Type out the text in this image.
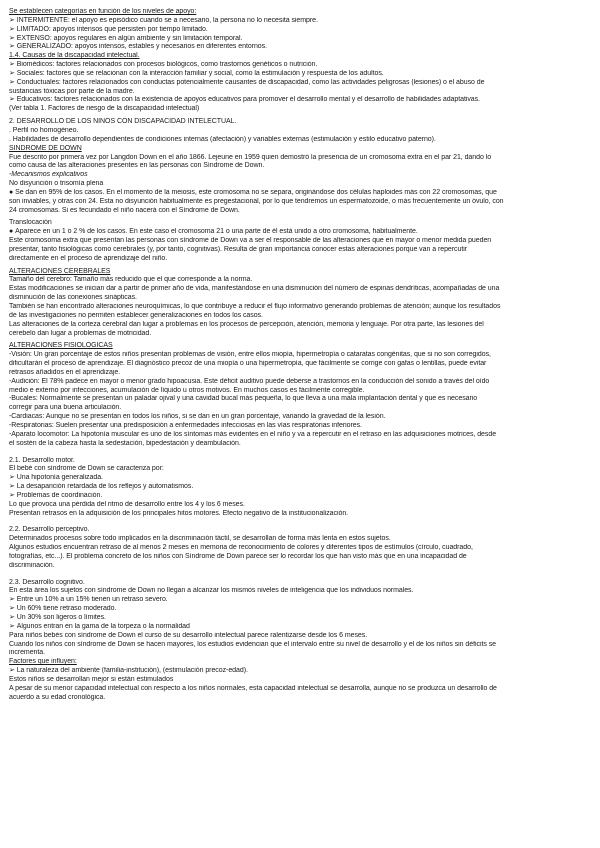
Se establecen categorías en función de los niveles de apoyo:
➢ INTERMITENTE: el apoyo es episódico cuando se a necesario, la persona no lo necesita siempre.
➢ LIMITADO: apoyos intensos que persisten por tiempo limitado.
➢ EXTENSO: apoyos regulares en algún ambiente y sin limitación temporal.
➢ GENERALIZADO: apoyos intensos, estables y necesarios en diferentes entornos.
1.4. Causas de la discapacidad intelectual.
➢ Biomédicos: factores relacionados con procesos biológicos, como trastornos genéticos o nutrición.
➢ Sociales: factores que se relacionan con la interacción familiar y social, como la estimulación y respuesta de los adultos.
➢ Conductuales: factores relacionados con conductas potencialmente causantes de discapacidad, como las actividades peligrosas (lesiones) o el abuso de
sustancias tóxicas por parte de la madre.
➢ Educativos: factores relacionados con la existencia de apoyos educativos para promover el desarrollo mental y el desarrollo de habilidades adaptativas.
(Ver tabla 1. Factores de riesgo de la discapacidad intelectual)
2. DESARROLLO DE LOS NIÑOS CON DISCAPACIDAD INTELECTUAL.
. Perfil no homogéneo.
. Habilidades de desarrollo dependientes de condiciones internas (afectación) y variables externas (estimulación y estilo educativo paterno).
SÍNDROME DE DOWN
Fue descrito por primera vez por Langdon Down en el año 1866. Lejeune en 1959 quien demostró la presencia de un cromosoma extra en el par 21, dando lo
como causa de las alteraciones presentes en las personas con Síndrome de Down.
-Mecanismos explicativos
No disyunción o trisomía plena
● Se dan en 95% de los casos. En el momento de la meiosis, este cromosoma no se separa, originándose dos células haploides más con 22 cromosomas, que
son inviables, y otras con 24. Esta no disyunción habitualmente es pregestacional, por lo que tendremos un espermatozoide, o más frecuentemente un óvulo, con
24 cromosomas. Si es fecundado el niño nacerá con el Síndrome de Down.
Translocación
● Aparece en un 1 o 2 % de los casos. En este caso el cromosoma 21 o una parte de él está unido a otro cromosoma, habitualmente.
Este cromosoma extra que presentan las personas con síndrome de Down va a ser el responsable de las alteraciones que en mayor o menor medida pueden
presentar, tanto fisiológicas como cerebrales (y, por tanto, cognitivas). Resulta de gran importancia conocer estas alteraciones porque van a repercutir
directamente en el proceso de aprendizaje del niño.
ALTERACIONES CEREBRALES
Tamaño del cerebro: Tamaño más reducido que el que corresponde a la norma.
Estas modificaciones se inician dar a partir de primer año de vida, manifestándose en una disminución del número de espinas dendríticas, acompañadas de una
disminución de las conexiones sinápticas.
También se han encontrado alteraciones neuroquímicas, lo que contribuye a reducir el flujo informativo generando problemas de atención; aunque los resultados
de las investigaciones no permiten establecer generalizaciones en todos los casos.
Las alteraciones de la corteza cerebral dan lugar a problemas en los procesos de percepción, atención, memoria y lenguaje. Por otra parte, las lesiones del
cerebelo dan lugar a problemas de motricidad.
ALTERACIONES FISIOLÓGICAS
-Visión: Un gran porcentaje de estos niños presentan problemas de visión, entre ellos miopía, hipermetropía o cataratas congénitas, que si no son corregidos,
dificultarán el proceso de aprendizaje. El diagnóstico precoz de una miopía o una hipermetropía, que fácilmente se corrige con gafas o lentillas, puede evitar
retrasos añadidos en el aprendizaje.
-Audición: El 78% padece en mayor o menor grado hipoacusia. Este déficit auditivo puede deberse a trastornos en la conducción del sonido a través del oído
medio e externo por infecciones, acumulación de líquido u otros motivos. En muchos casos es fácilmente corregible.
-Bucales: Normalmente se presentan un paladar ojival y una cavidad bucal más pequeña, lo que lleva a una mala implantación dental y que es necesario
corregir para una buena articulación.
-Cardiacas: Aunque no se presentan en todos los niños, si se dan en un gran porcentaje, variando la gravedad de la lesión.
-Respiratorias: Suelen presentar una predisposición a enfermedades infecciosas en las vías respiratorias inferiores.
-Aparato locomotor: La hipotonía muscular es uno de los síntomas más evidentes en el niño y va a repercutir en el retraso en las adquisiciones motrices, desde
el sostén de la cabeza hasta la sedestación, bipedestación y deambulación.
2.1. Desarrollo motor.
El bebé con síndrome de Down se caracteriza por:
➢ Una hipotonía generalizada.
➢ La desaparición retardada de los reflejos y automatismos.
➢ Problemas de coordinación.
Lo que provoca una pérdida del ritmo de desarrollo entre los 4 y los 6 meses.
Presentan retrasos en la adquisición de los principales hitos motores. Efecto negativo de la institucionalización.
2.2. Desarrollo perceptivo.
Determinados procesos sobre todo implicados en la discriminación táctil, se desarrollan de forma más lenta en estos sujetos.
Algunos estudios encuentran retraso de al menos 2 meses en memoria de reconocimiento de colores y diferentes tipos de estímulos (círculo, cuadrado,
fotografías, etc...). El problema concreto de los niños con Síndrome de Down parece ser lo recordar los que han visto más que en una incapacidad de
discriminación.
2.3. Desarrollo cognitivo.
En esta área los sujetos con síndrome de Down no llegan a alcanzar los mismos niveles de inteligencia que los individuos normales.
➢ Entre un 10% a un 15% tienen un retraso severo.
➢ Un 60% tiene retraso moderado.
➢ Un 30% son ligeros o límites.
➢ Algunos entran en la gama de la torpeza o la normalidad
Para niños bebés con síndrome de Down el curso de su desarrollo intelectual parece ralentizarse desde los 6 meses.
Cuando los niños con síndrome de Down se hacen mayores, los estudios evidencian que el intervalo entre su nivel de desarrollo y el de los niños sin déficits se
incrementa.
Factores que influyen:
➢ La naturaleza del ambiente (familia-institución), (estimulación precoz-edad).
Estos niños se desarrollan mejor si están estimulados
A pesar de su menor capacidad intelectual con respecto a los niños normales, esta capacidad intelectual se desarrolla, aunque no se produzca un desarrollo de
acuerdo a su edad cronológica.
